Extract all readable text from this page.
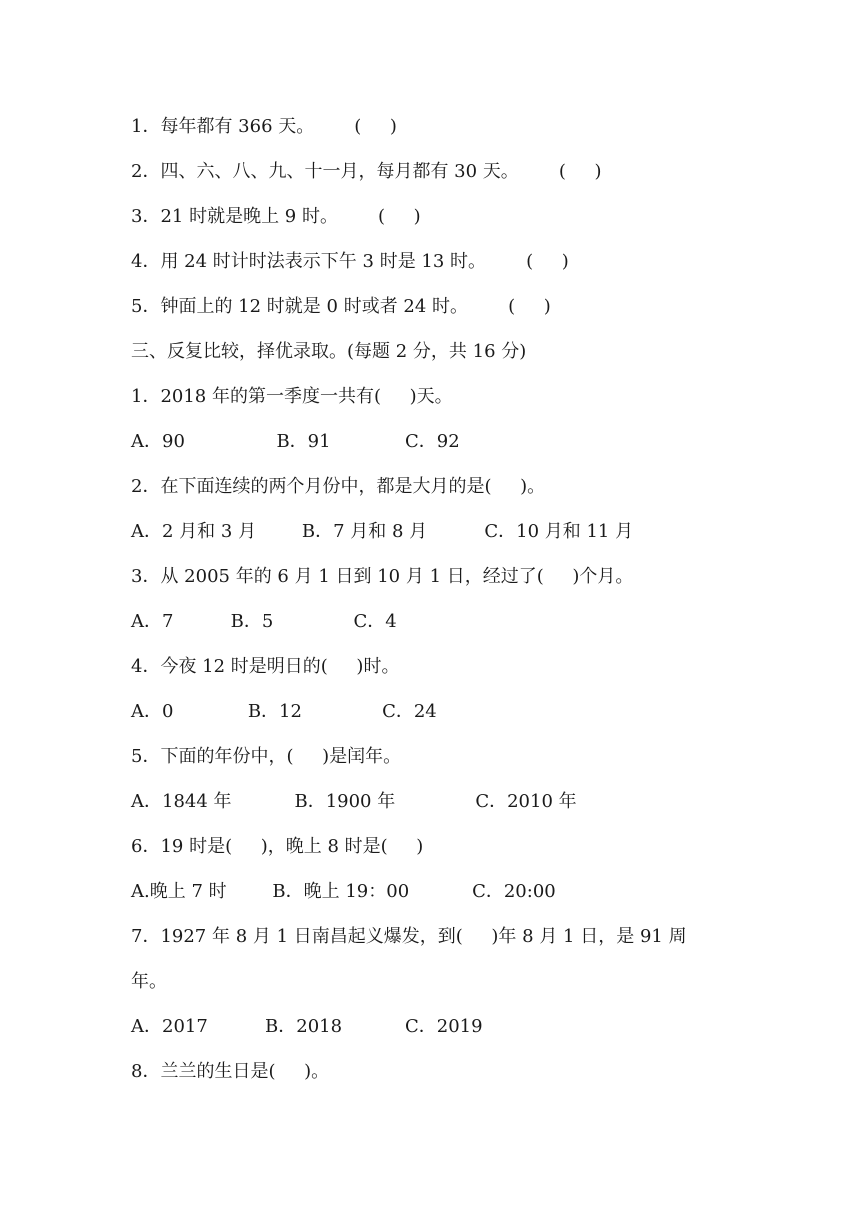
1．每年都有 366 天。       (     )
2．四、六、八、九、十一月，每月都有 30 天。       (     )
3．21 时就是晚上 9 时。       (     )
4．用 24 时计时法表示下午 3 时是 13 时。       (     )
5．钟面上的 12 时就是 0 时或者 24 时。       (     )
三、反复比较，择优录取。(每题 2 分，共 16 分)
1．2018 年的第一季度一共有(     )天。
A．90                B．91             C．92
2．在下面连续的两个月份中，都是大月的是(     )。
A．2 月和 3 月        B．7 月和 8 月          C．10 月和 11 月
3．从 2005 年的 6 月 1 日到 10 月 1 日，经过了(     )个月。
A．7          B．5              C．4
4．今夜 12 时是明日的(     )时。
A．0             B．12              C．24
5．下面的年份中，(     )是闰年。
A．1844 年           B．1900 年              C．2010 年
6．19 时是(     )，晚上 8 时是(     )
A.晚上 7 时        B．晚上 19：00           C．20:00
7．1927 年 8 月 1 日南昌起义爆发，到(     )年 8 月 1 日，是 91 周
年。
A．2017          B．2018           C．2019
8．兰兰的生日是(     )。
